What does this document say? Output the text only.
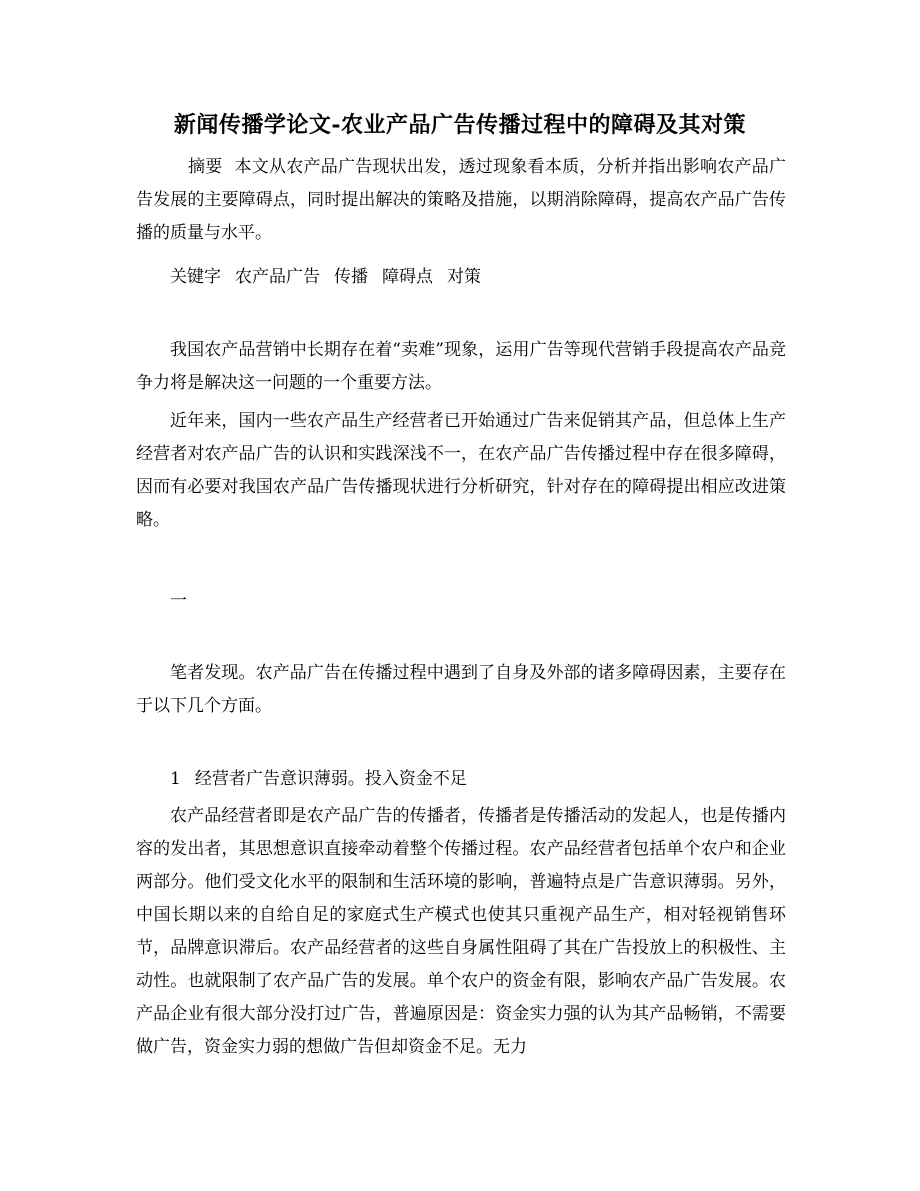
新闻传播学论文-农业产品广告传播过程中的障碍及其对策

摘要 本文从农产品广告现状出发，透过现象看本质，分析并指出影响农产品广告发展的主要障碍点，同时提出解决的策略及措施，以期消除障碍，提高农产品广告传播的质量与水平。

关键字 农产品广告 传播 障碍点 对策

我国农产品营销中长期存在着“卖难”现象，运用广告等现代营销手段提高农产品竞争力将是解决这一问题的一个重要方法。

近年来，国内一些农产品生产经营者已开始通过广告来促销其产品，但总体上生产经营者对农产品广告的认识和实践深浅不一，在农产品广告传播过程中存在很多障碍，因而有必要对我国农产品广告传播现状进行分析研究，针对存在的障碍提出相应改进策略。

一

笔者发现。农产品广告在传播过程中遇到了自身及外部的诸多障碍因素，主要存在于以下几个方面。

1 经营者广告意识薄弱。投入资金不足

农产品经营者即是农产品广告的传播者，传播者是传播活动的发起人，也是传播内容的发出者，其思想意识直接牵动着整个传播过程。农产品经营者包括单个农户和企业两部分。他们受文化水平的限制和生活环境的影响，普遍特点是广告意识薄弱。另外，中国长期以来的自给自足的家庭式生产模式也使其只重视产品生产，相对轻视销售环节，品牌意识滞后。农产品经营者的这些自身属性阻碍了其在广告投放上的积极性、主动性。也就限制了农产品广告的发展。单个农户的资金有限，影响农产品广告发展。农产品企业有很大部分没打过广告，普遍原因是：资金实力强的认为其产品畅销，不需要做广告，资金实力弱的想做广告但却资金不足。无力
